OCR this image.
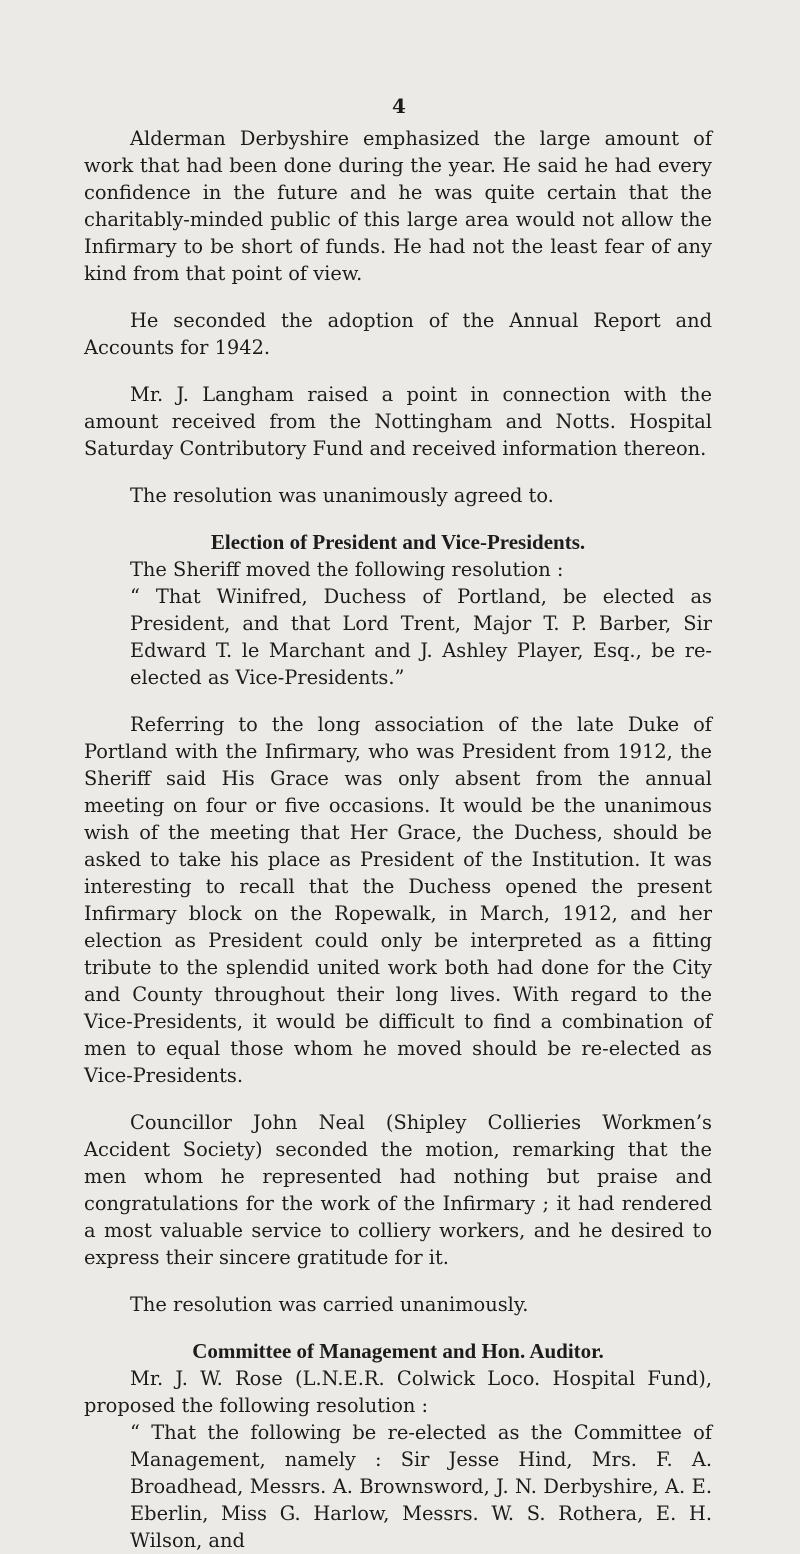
4

Alderman Derbyshire emphasized the large amount of work that had been done during the year. He said he had every confidence in the future and he was quite certain that the charitably-minded public of this large area would not allow the Infirmary to be short of funds. He had not the least fear of any kind from that point of view.

He seconded the adoption of the Annual Report and Accounts for 1942.

Mr. J. Langham raised a point in connection with the amount received from the Nottingham and Notts. Hospital Saturday Contributory Fund and received information thereon.

The resolution was unanimously agreed to.

Election of President and Vice-Presidents.

The Sheriff moved the following resolution :

“ That Winifred, Duchess of Portland, be elected as President, and that Lord Trent, Major T. P. Barber, Sir Edward T. le Marchant and J. Ashley Player, Esq., be re-elected as Vice-Presidents.”

Referring to the long association of the late Duke of Portland with the Infirmary, who was President from 1912, the Sheriff said His Grace was only absent from the annual meeting on four or five occasions. It would be the unanimous wish of the meeting that Her Grace, the Duchess, should be asked to take his place as President of the Institution. It was interesting to recall that the Duchess opened the present Infirmary block on the Ropewalk, in March, 1912, and her election as President could only be interpreted as a fitting tribute to the splendid united work both had done for the City and County throughout their long lives. With regard to the Vice-Presidents, it would be difficult to find a combination of men to equal those whom he moved should be re-elected as Vice-Presidents.

Councillor John Neal (Shipley Collieries Workmen’s Accident Society) seconded the motion, remarking that the men whom he represented had nothing but praise and congratulations for the work of the Infirmary ; it had rendered a most valuable service to colliery workers, and he desired to express their sincere gratitude for it.

The resolution was carried unanimously.

Committee of Management and Hon. Auditor.

Mr. J. W. Rose (L.N.E.R. Colwick Loco. Hospital Fund), proposed the following resolution :

“ That the following be re-elected as the Committee of Management, namely : Sir Jesse Hind, Mrs. F. A. Broadhead, Messrs. A. Brownsword, J. N. Derbyshire, A. E. Eberlin, Miss G. Harlow, Messrs. W. S. Rothera, E. H. Wilson, and
